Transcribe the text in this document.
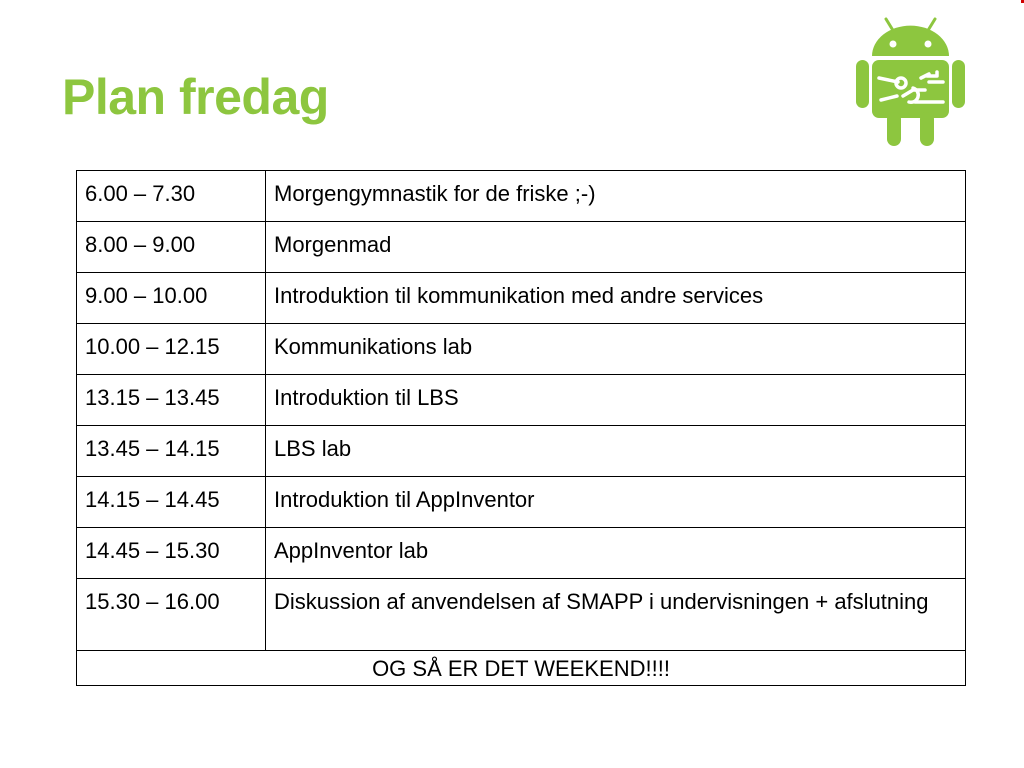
Plan fredag
6.00 – 7.30	Morgengymnastik for de friske ;-)
8.00 – 9.00	Morgenmad
9.00 – 10.00	Introduktion til kommunikation med andre services
10.00 – 12.15	Kommunikations lab
13.15 – 13.45	Introduktion til LBS
13.45 – 14.15	LBS lab
14.15 – 14.45	Introduktion til AppInventor
14.45 – 15.30	AppInventor lab
15.30 – 16.00	Diskussion af anvendelsen af SMAPP i undervisningen + afslutning
OG SÅ ER DET WEEKEND!!!!	
